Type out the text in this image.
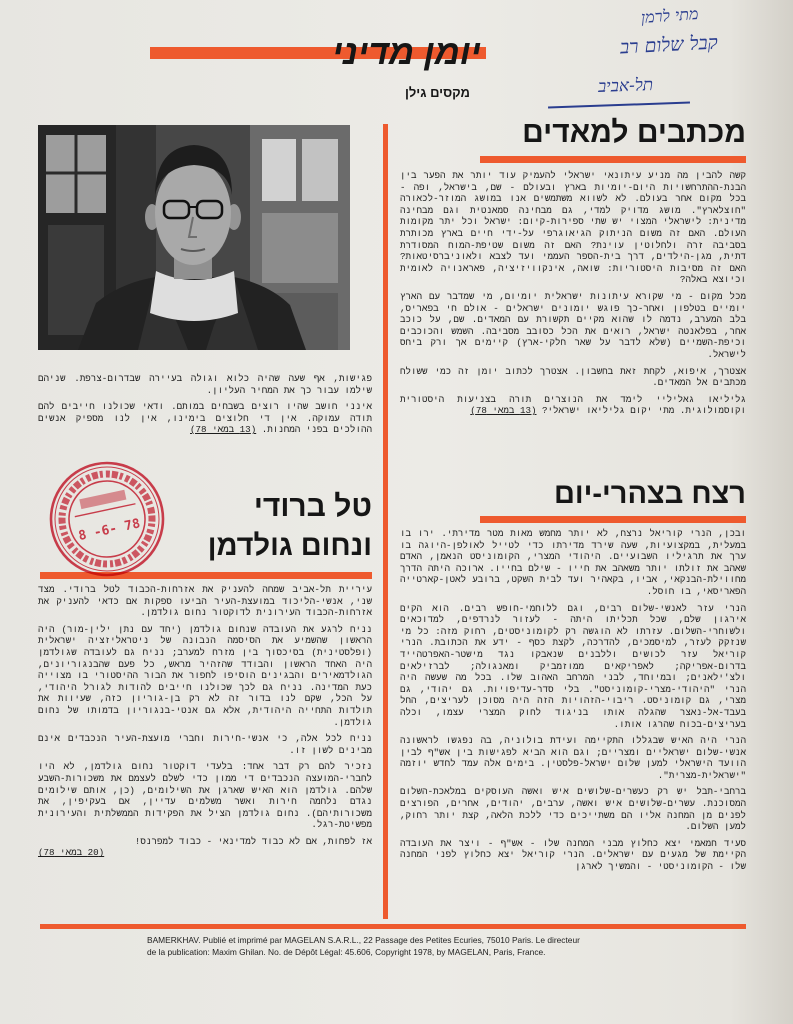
מתי לרמן
קבל שלום רב
תל-אביב
יומן מדיני
מקסים גילן
מכתבים למאדים

קשה להבין מה מניע עיתונאי ישראלי להעמיק עוד יותר את הפער בין הבנת-ההתרחשויות היום-יומיות בארץ ובעולם - שם, בישראל, ופה - בכל מקום אחר בעולם. לא לשווא משתמשים אנו במושג המוזר-לכאורה "חוצלארץ". מושג מדויק למדי, גם מבחינה סמאנטית וגם מבחינה מדינית: לישראלי המצוי יש שתי ספירות-קיום: ישראל וכל יתר מקומות העולם. האם זה משום הניתוק הגיאוגרפי על-ידי חיים בארץ מכותרת בסביבה זרה ולחלוטין עוינת? האם זה משום שטיפת-המוח המסודרת דתית, מגן-הילדים, דרך בית-הספר העממי ועד לצבא ולאוניברסיטאות? האם זה מסיבות היסטוריות: שואה, אינקוויזיציה, פאראנויה לאומית וכיוצא באלה?

מכל מקום - מי שקורא עיתונות ישראלית יומיום, מי שמדבר עם הארץ יומיים בטלפון ואחר-כך פוגש יומונים ישראלים - אולם חי בפאריס, בלב המערב, נדמה לו שהוא מקיים תקשורת עם המאדים. שם, על כוכב אחר, בפלאנטה ישראל, רואים את הכל כסובב מסביבה. השמש והכוכבים וכיפת-השמיים (שלא לדבר על שאר חלקי-ארץ) קיימים אך ורק ביחס לישראל.

אצטרך, איפוא, לקחת זאת בחשבון. אצטרך לכתוב יומן זה כמי ששולח מכתבים אל המאדים.

גליליאו גאליליי לימד את הנוצרים תורה בצניעות היסטורית וקוסמולוגית. מתי יקום גליליאו ישראלי? (13 במאי 78)

רצח בצהרי-יום

ובכן, הנרי קוריאל נרצח, לא יותר מחמש מאות מטר מדירתי. ירו בו במעלית, במקצועיות, שעה שירד מדירתו כדי לטייל לאולפן-היוגה בו ערך את תרגיליו השבועיים. היהודי המצרי, הקומוניסט הנאמן, האדם שאהב את זולתו יותר משאהב את חייו - שילם בחייו. ארוכה היתה הדרך מחווילת-הבנקאי, אביו, בקאהיר ועד לבית השקט, ברובע לאטן-קארטייה הפאריסאי, בו חוסל.

הנרי עזר לאנשי-שלום רבים, וגם ללוחמי-חופש רבים. הוא הקים אירגון שלם, שכל תכליתו היתה - לעזור לנרדפים, למדוכאים ולשוחרי-השלום. עזרתו לא הוגשה רק לקומוניסטים, רחוק מזה: כל מי שנזקק לעזר, למיסמכים, להדרכה, לקצת כסף - ידע את הכתובת. הנרי קוריאל עזר לכושים וללבנים שנאבקו נגד מישטר-האפרטהייד בדרום-אפריקה; לאפריקאים ממוזמביק ומאנגולה; לברזילאים ולצ'ילאנים; ובמיוחד, לבני המרחב האהוב שלו. בכל מה שעשה היה הנרי "היהודי-מצרי-קומוניסט". בלי סדר-עדיפויות. גם יהודי, גם מצרי, גם קומוניסט. ריבוי-הזהויות הזה היה מסוכן לעריצים, החל בעבד-אל-נאצר שהגלה אותו בניגוד לחוק המצרי עצמו, וכלה בעריצים-בכוח שהרגו אותו.

הנרי היה האיש שבגללו התקיימה ועידת בולוניה, בה נפגשו לראשונה אנשי-שלום ישראליים ומצריים; וגם הוא הביא לפגישות בין אש"ף לבין הוועד הישראלי למען שלום ישראל-פלסטין. בימים אלה עמד לחדש יוזמה "ישראלית-מצרית".

ברחבי-תבל יש רק כעשרים-שלושים איש ואשה העוסקים במלאכת-השלום המסוכנת. עשרים-שלושים איש ואשה, ערבים, יהודים, אחרים, הפורצים לפנים מן המחנה אליו הם משתייכים כדי ללכת הלאה, קצת יותר רחוק, למען השלום.

סעיד חמאמי יצא כחלוץ מבני המחנה שלו - אש"ף - ויצר את העובדה הקיימת של מגעים עם ישראלים. הנרי קוריאל יצא כחלוץ לפני המחנה שלו - הקומוניסטי - והמשיך לארגן

פגישות, אף שעה שהיה כלוא וגולה בעיירה שבדרום-צרפת. שניהם שילמו עבור כך את המחיר העליון.

אינני חושב שהיו רוצים בשבחים במותם. ודאי שכולנו חייבים להם תודה עמוקה. אין די חלוצים בימינו, אין לנו מספיק אנשים ההולכים בפני המחנות. (13 במאי 78)

טל ברודי
ונחום גולדמן
8 -6- 78

עיריית תל-אביב שמחה להעניק את אזרחות-הכבוד לטל ברודי. מצד שני, אנשי-הליכוד במועצת-העיר הביעו ספקות אם כדאי להעניק את אזרחות-הכבוד העירונית לדוקטור נחום גולדמן.

נניח לרגע את העובדה שנחום גולדמן (יחד עם נתן ילין-מור) היה הראשון שהשמיע את הסיסמה הנבונה של ניטראליזציה ישראלית (ופלסטינית) בסיכסוך בין מזרח למערב; נניח גם לעובדה שגולדמן היה האחד הראשון והבודד שהזהיר מראש, כל פעם שהבנגוריונים, הגולדמאירים והבגינים הוסיפו לחפור את הבור ההיסטורי בו מצוייה כעת המדינה. נניח גם לכך שכולנו חייבים להודות לגורל היהודי, על הכל, שקם לנו בדור זה לא רק בן-גוריון כזה, שעיוות את תולדות התחייה היהודית, אלא גם אנטי-בנגוריון בדמותו של נחום גולדמן.

נניח לכל אלה, כי אנשי-חירות וחברי מועצת-העיר הנכבדים אינם מבינים לשון זו.

נזכיר להם רק דבר אחד: בלעדי דוקטור נחום גולדמן, לא היו לחברי-המועצה הנכבדים די ממון כדי לשלם לעצמם את משכורות-השבע שלהם. גולדמן הוא האיש שארגן את השילומים, (כן, אותם שילומים נגדם נלחמה חירות ואשר משלמים עדיין, אם בעקיפין, את משכורותיהם). נחום גולדמן הציל את הפקידות הממשלתית והעירונית מפשיטת-רגל.

אז לפחות, אם לא כבוד למדינאי - כבוד למפרנס!

(20 במאי 78)

BAMERKHAV. Publié et imprimé par MAGELAN S.A.R.L., 22 Passage des Petites Ecuries, 75010 Paris. Le directeur
de la publication: Maxim Ghilan. No. de Dépôt Légal: 45.606, Copyright 1978, by MAGELAN, Paris, France.
